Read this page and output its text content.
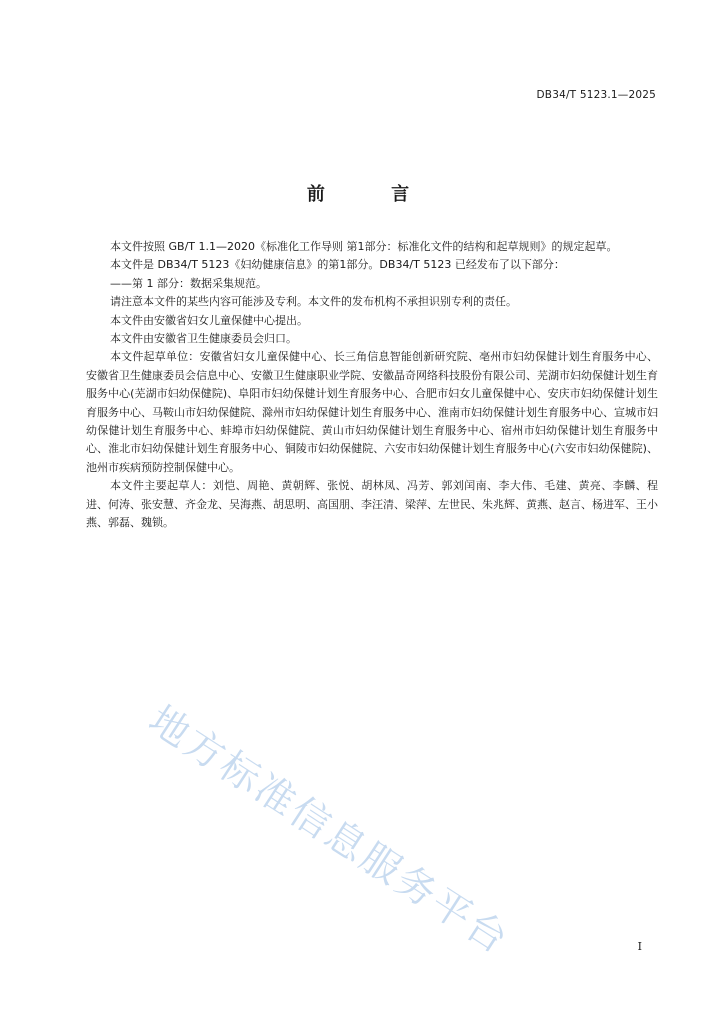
DB34/T 5123.1—2025
前 言

本文件按照 GB/T 1.1—2020《标准化工作导则 第1部分：标准化文件的结构和起草规则》的规定起草。

本文件是 DB34/T 5123《妇幼健康信息》的第1部分。DB34/T 5123 已经发布了以下部分：

——第 1 部分：数据采集规范。

请注意本文件的某些内容可能涉及专利。本文件的发布机构不承担识别专利的责任。

本文件由安徽省妇女儿童保健中心提出。

本文件由安徽省卫生健康委员会归口。

本文件起草单位：安徽省妇女儿童保健中心、长三角信息智能创新研究院、亳州市妇幼保健计划生育服务中心、安徽省卫生健康委员会信息中心、安徽卫生健康职业学院、安徽晶奇网络科技股份有限公司、芜湖市妇幼保健计划生育服务中心(芜湖市妇幼保健院)、阜阳市妇幼保健计划生育服务中心、合肥市妇女儿童保健中心、安庆市妇幼保健计划生育服务中心、马鞍山市妇幼保健院、滁州市妇幼保健计划生育服务中心、淮南市妇幼保健计划生育服务中心、宣城市妇幼保健计划生育服务中心、蚌埠市妇幼保健院、黄山市妇幼保健计划生育服务中心、宿州市妇幼保健计划生育服务中心、淮北市妇幼保健计划生育服务中心、铜陵市妇幼保健院、六安市妇幼保健计划生育服务中心(六安市妇幼保健院)、池州市疾病预防控制保健中心。

本文件主要起草人：刘恺、周艳、黄朝辉、张悦、胡林凤、冯芳、郭刘闰南、李大伟、毛建、黄亮、李麟、程进、何涛、张安慧、齐金龙、吴海燕、胡思明、高国朋、李汪清、梁萍、左世民、朱兆辉、黄燕、赵言、杨进军、王小燕、郭磊、魏锁。

地方标准信息服务平台	I
